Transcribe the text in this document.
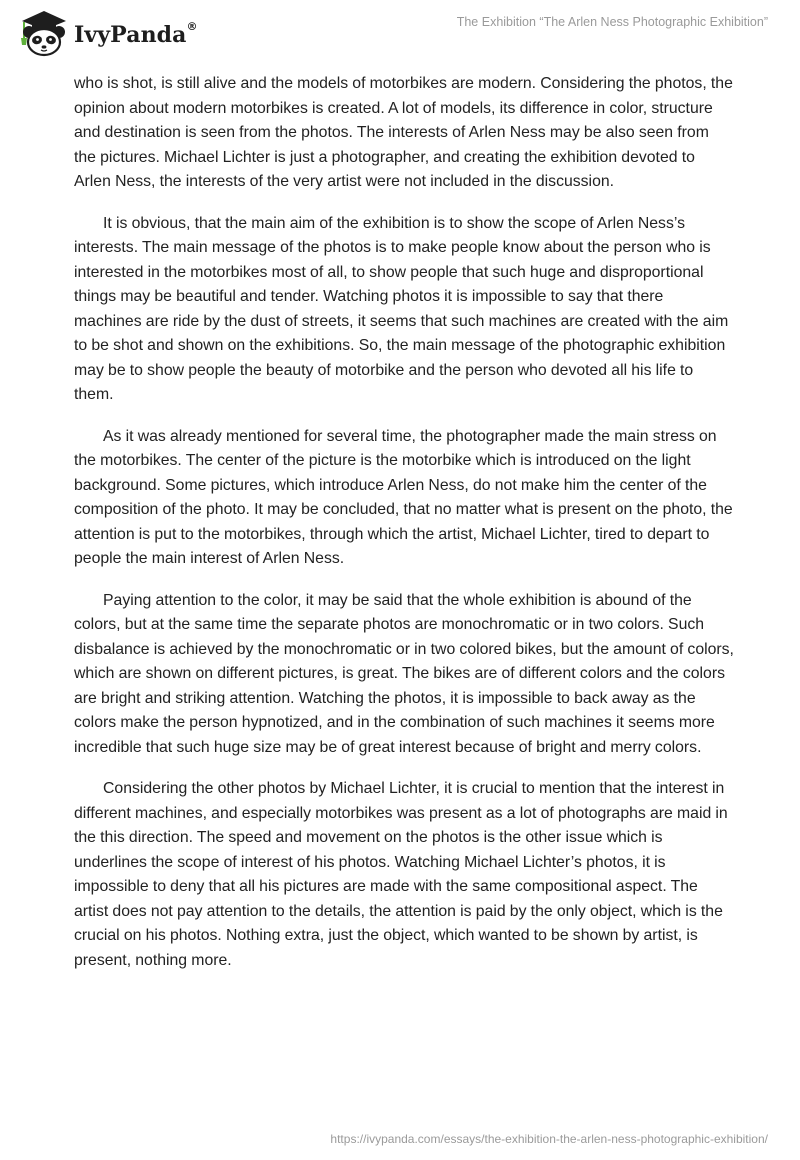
IvyPanda®	The Exhibition “The Arlen Ness Photographic Exhibition”

who is shot, is still alive and the models of motorbikes are modern. Considering the photos, the opinion about modern motorbikes is created. A lot of models, its difference in color, structure and destination is seen from the photos. The interests of Arlen Ness may be also seen from the pictures. Michael Lichter is just a photographer, and creating the exhibition devoted to Arlen Ness, the interests of the very artist were not included in the discussion.

It is obvious, that the main aim of the exhibition is to show the scope of Arlen Ness’s interests. The main message of the photos is to make people know about the person who is interested in the motorbikes most of all, to show people that such huge and disproportional things may be beautiful and tender. Watching photos it is impossible to say that there machines are ride by the dust of streets, it seems that such machines are created with the aim to be shot and shown on the exhibitions. So, the main message of the photographic exhibition may be to show people the beauty of motorbike and the person who devoted all his life to them.

As it was already mentioned for several time, the photographer made the main stress on the motorbikes. The center of the picture is the motorbike which is introduced on the light background. Some pictures, which introduce Arlen Ness, do not make him the center of the composition of the photo. It may be concluded, that no matter what is present on the photo, the attention is put to the motorbikes, through which the artist, Michael Lichter, tired to depart to people the main interest of Arlen Ness.

Paying attention to the color, it may be said that the whole exhibition is abound of the colors, but at the same time the separate photos are monochromatic or in two colors. Such disbalance is achieved by the monochromatic or in two colored bikes, but the amount of colors, which are shown on different pictures, is great. The bikes are of different colors and the colors are bright and striking attention. Watching the photos, it is impossible to back away as the colors make the person hypnotized, and in the combination of such machines it seems more incredible that such huge size may be of great interest because of bright and merry colors.

Considering the other photos by Michael Lichter, it is crucial to mention that the interest in different machines, and especially motorbikes was present as a lot of photographs are maid in the this direction. The speed and movement on the photos is the other issue which is underlines the scope of interest of his photos. Watching Michael Lichter’s photos, it is impossible to deny that all his pictures are made with the same compositional aspect. The artist does not pay attention to the details, the attention is paid by the only object, which is the crucial on his photos. Nothing extra, just the object, which wanted to be shown by artist, is present, nothing more.

https://ivypanda.com/essays/the-exhibition-the-arlen-ness-photographic-exhibition/
